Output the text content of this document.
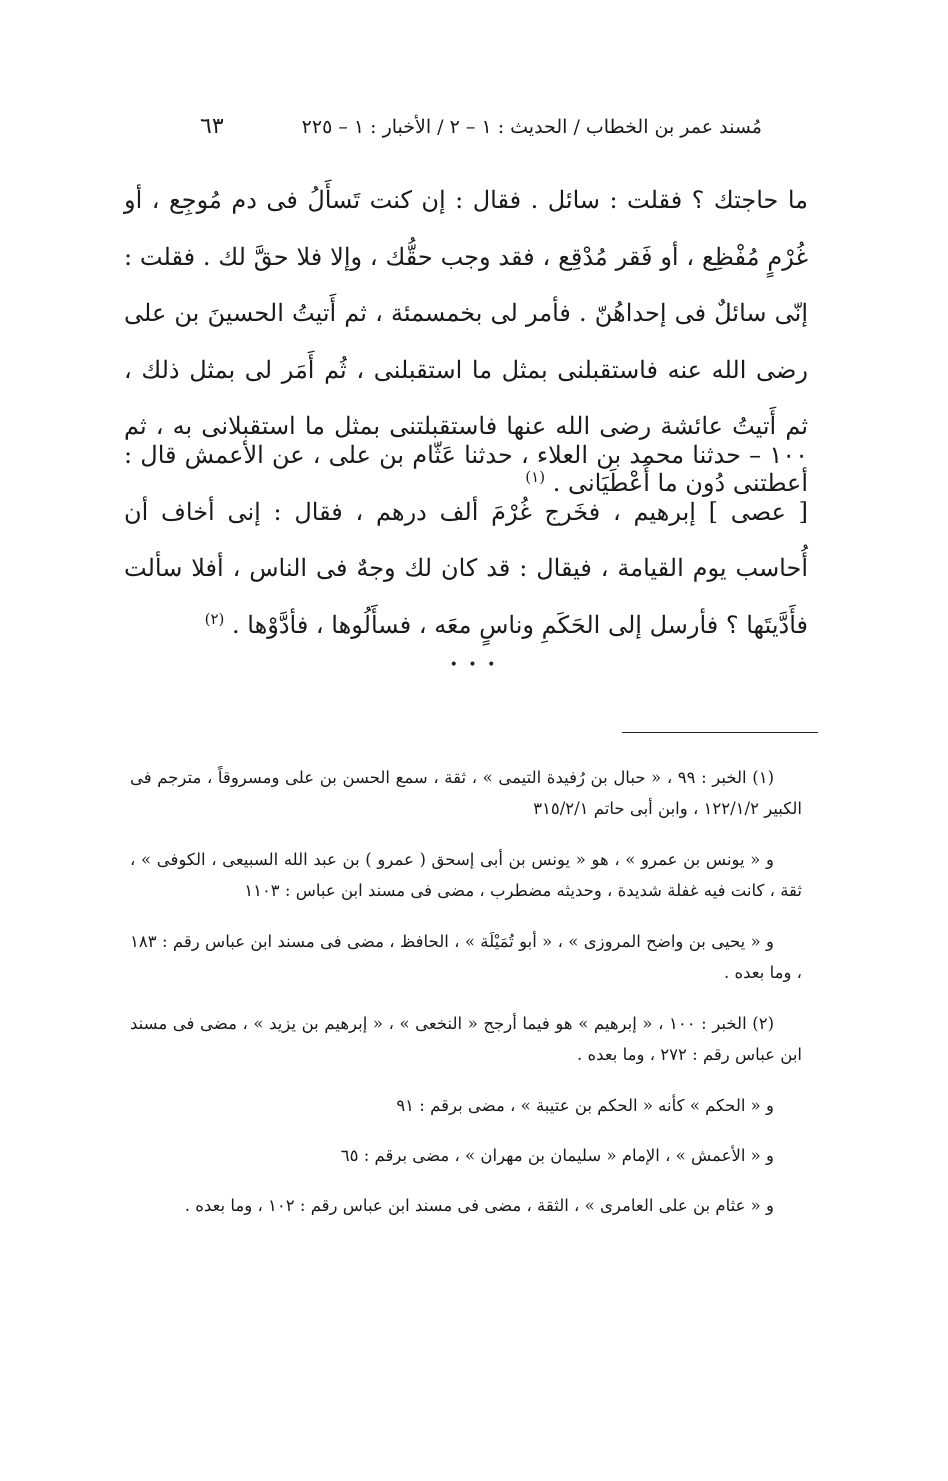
٦٣	مُسند عمر بن الخطاب / الحديث : ١ – ٢ / الأخبار : ١ – ٢٢٥

ما حاجتك ؟ فقلت : سائل . فقال : إن كنت تَسأَلُ فى دم مُوجِع ، أو غُرْمٍ مُفْظِع ، أو فَقر مُدْقِع ، فقد وجب حقُّك ، وإلا فلا حقَّ لك . فقلت : إنّى سائلٌ فى إحداهُنّ . فأمر لى بخمسمئة ، ثم أَتيتُ الحسينَ بن على رضى الله عنه فاستقبلنى بمثل ما استقبلنى ، ثُم أَمَر لى بمثل ذلك ، ثم أَتيتُ عائشة رضى الله عنها فاستقبلتنى بمثل ما استقبلانى به ، ثم أعطتنى دُون ما أَعْطَيَانى . $^{(١)}$

١٠٠ – حدثنا محمد بن العلاء ، حدثنا عَثّام بن على ، عن الأعمش قال : [ عصى ] إبرهيم ، فخَرج غُرْمَ ألف درهم ، فقال : إنى أخاف أن أُحاسب يوم القيامة ، فيقال : قد كان لك وجهٌ فى الناس ، أفلا سألت فأَدَّيتَها ؟ فأرسل إلى الحَكَمِ وناسٍ معَه ، فسأَلُوها ، فأدَّوْها . $^{(٢)}$

• • •

(١) الخبر : ٩٩ ، « حبال بن رُفيدة التيمى » ، ثقة ، سمع الحسن بن على ومسروقاً ، مترجم فى الكبير ١٢٢/١/٢ ، وابن أبى حاتم ٣١٥/٢/١

و « يونس بن عمرو » ، هو « يونس بن أبى إسحق ( عمرو ) بن عبد الله السبيعى ، الكوفى » ، ثقة ، كانت فيه غفلة شديدة ، وحديثه مضطرب ، مضى فى مسند ابن عباس : ١١٠٣

و « يحيى بن واضح المروزى » ، « أبو تُمَيْلَة » ، الحافظ ، مضى فى مسند ابن عباس رقم : ١٨٣ ، وما بعده .

(٢) الخبر : ١٠٠ ، « إبرهيم » هو فيما أرجح « النخعى » ، « إبرهيم بن يزيد » ، مضى فى مسند ابن عباس رقم : ٢٧٢ ، وما بعده .

و « الحكم » كأنه « الحكم بن عتيبة » ، مضى برقم : ٩١

و « الأعمش » ، الإمام « سليمان بن مهران » ، مضى برقم : ٦٥

و « عثام بن على العامرى » ، الثقة ، مضى فى مسند ابن عباس رقم : ١٠٢ ، وما بعده .
